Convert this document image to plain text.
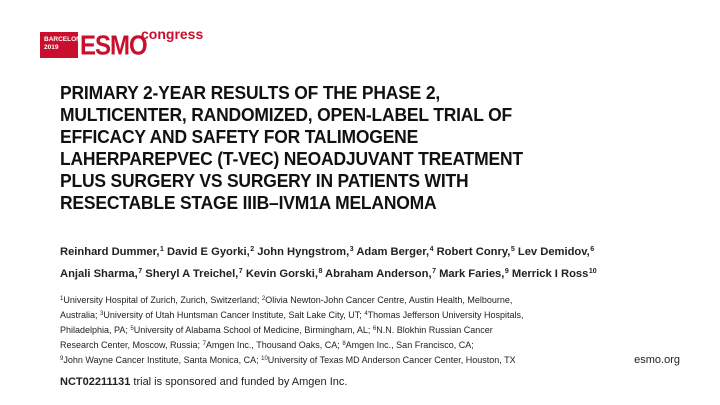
BARCELONA
2019 ESMO
congress
PRIMARY 2-YEAR RESULTS OF THE PHASE 2,
MULTICENTER, RANDOMIZED, OPEN-LABEL TRIAL OF
EFFICACY AND SAFETY FOR TALIMOGENE
LAHERPAREPVEC (T-VEC) NEOADJUVANT TREATMENT
PLUS SURGERY VS SURGERY IN PATIENTS WITH
RESECTABLE STAGE IIIB–IVM1A MELANOMA
Reinhard Dummer,$^1$ David E Gyorki,$^2$ John Hyngstrom,$^3$ Adam Berger,$^4$ Robert Conry,$^5$ Lev Demidov,$^6$
Anjali Sharma,$^7$ Sheryl A Treichel,$^7$ Kevin Gorski,$^8$ Abraham Anderson,$^7$ Mark Faries,$^9$ Merrick I Ross$^{10}$
$^1$University Hospital of Zurich, Zurich, Switzerland; $^2$Olivia Newton-John Cancer Centre, Austin Health, Melbourne,
Australia; $^3$University of Utah Huntsman Cancer Institute, Salt Lake City, UT; $^4$Thomas Jefferson University Hospitals,
Philadelphia, PA; $^5$University of Alabama School of Medicine, Birmingham, AL; $^6$N.N. Blokhin Russian Cancer
Research Center, Moscow, Russia; $^7$Amgen Inc., Thousand Oaks, CA; $^8$Amgen Inc., San Francisco, CA;
$^9$John Wayne Cancer Institute, Santa Monica, CA; $^{10}$University of Texas MD Anderson Cancer Center, Houston, TX	esmo.org
NCT02211131 trial is sponsored and funded by Amgen Inc.
